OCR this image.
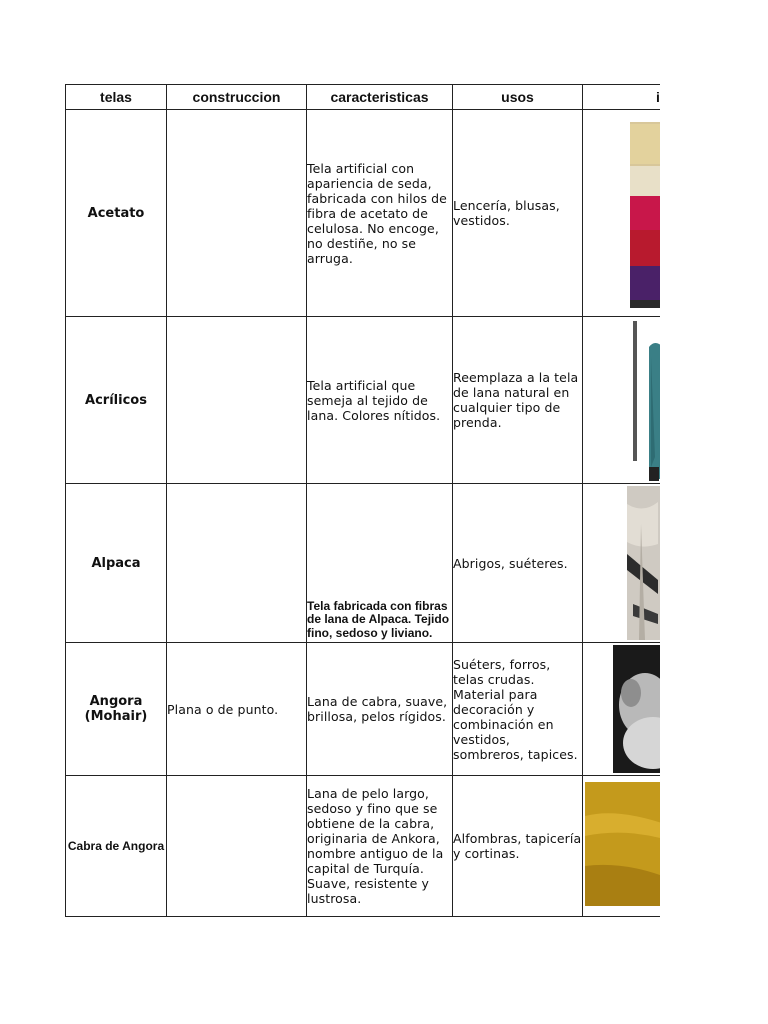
telas	construccion	caracteristicas	usos	i
Acetato		Tela artificial con apariencia de seda, fabricada con hilos de fibra de acetato de celulosa. No encoge, no destiñe, no se arruga.	Lencería, blusas, vestidos.	

Acrílicos		Tela artificial que semeja al tejido de lana. Colores nítidos.	Reemplaza a la tela de lana natural en cualquier tipo de prenda.	

Alpaca		Tela fabricada con fibras de lana de Alpaca. Tejido fino, sedoso y liviano.	Abrigos, suéteres.	

Angora (Mohair)	Plana o de punto.	Lana de cabra, suave, brillosa, pelos rígidos.	Suéters, forros, telas crudas. Material para decoración y combinación en vestidos, sombreros, tapices.	

Cabra de Angora		Lana de pelo largo, sedoso y fino que se obtiene de la cabra, originaria de Ankora, nombre antiguo de la capital de Turquía. Suave, resistente y lustrosa.	Alfombras, tapicería y cortinas.	
